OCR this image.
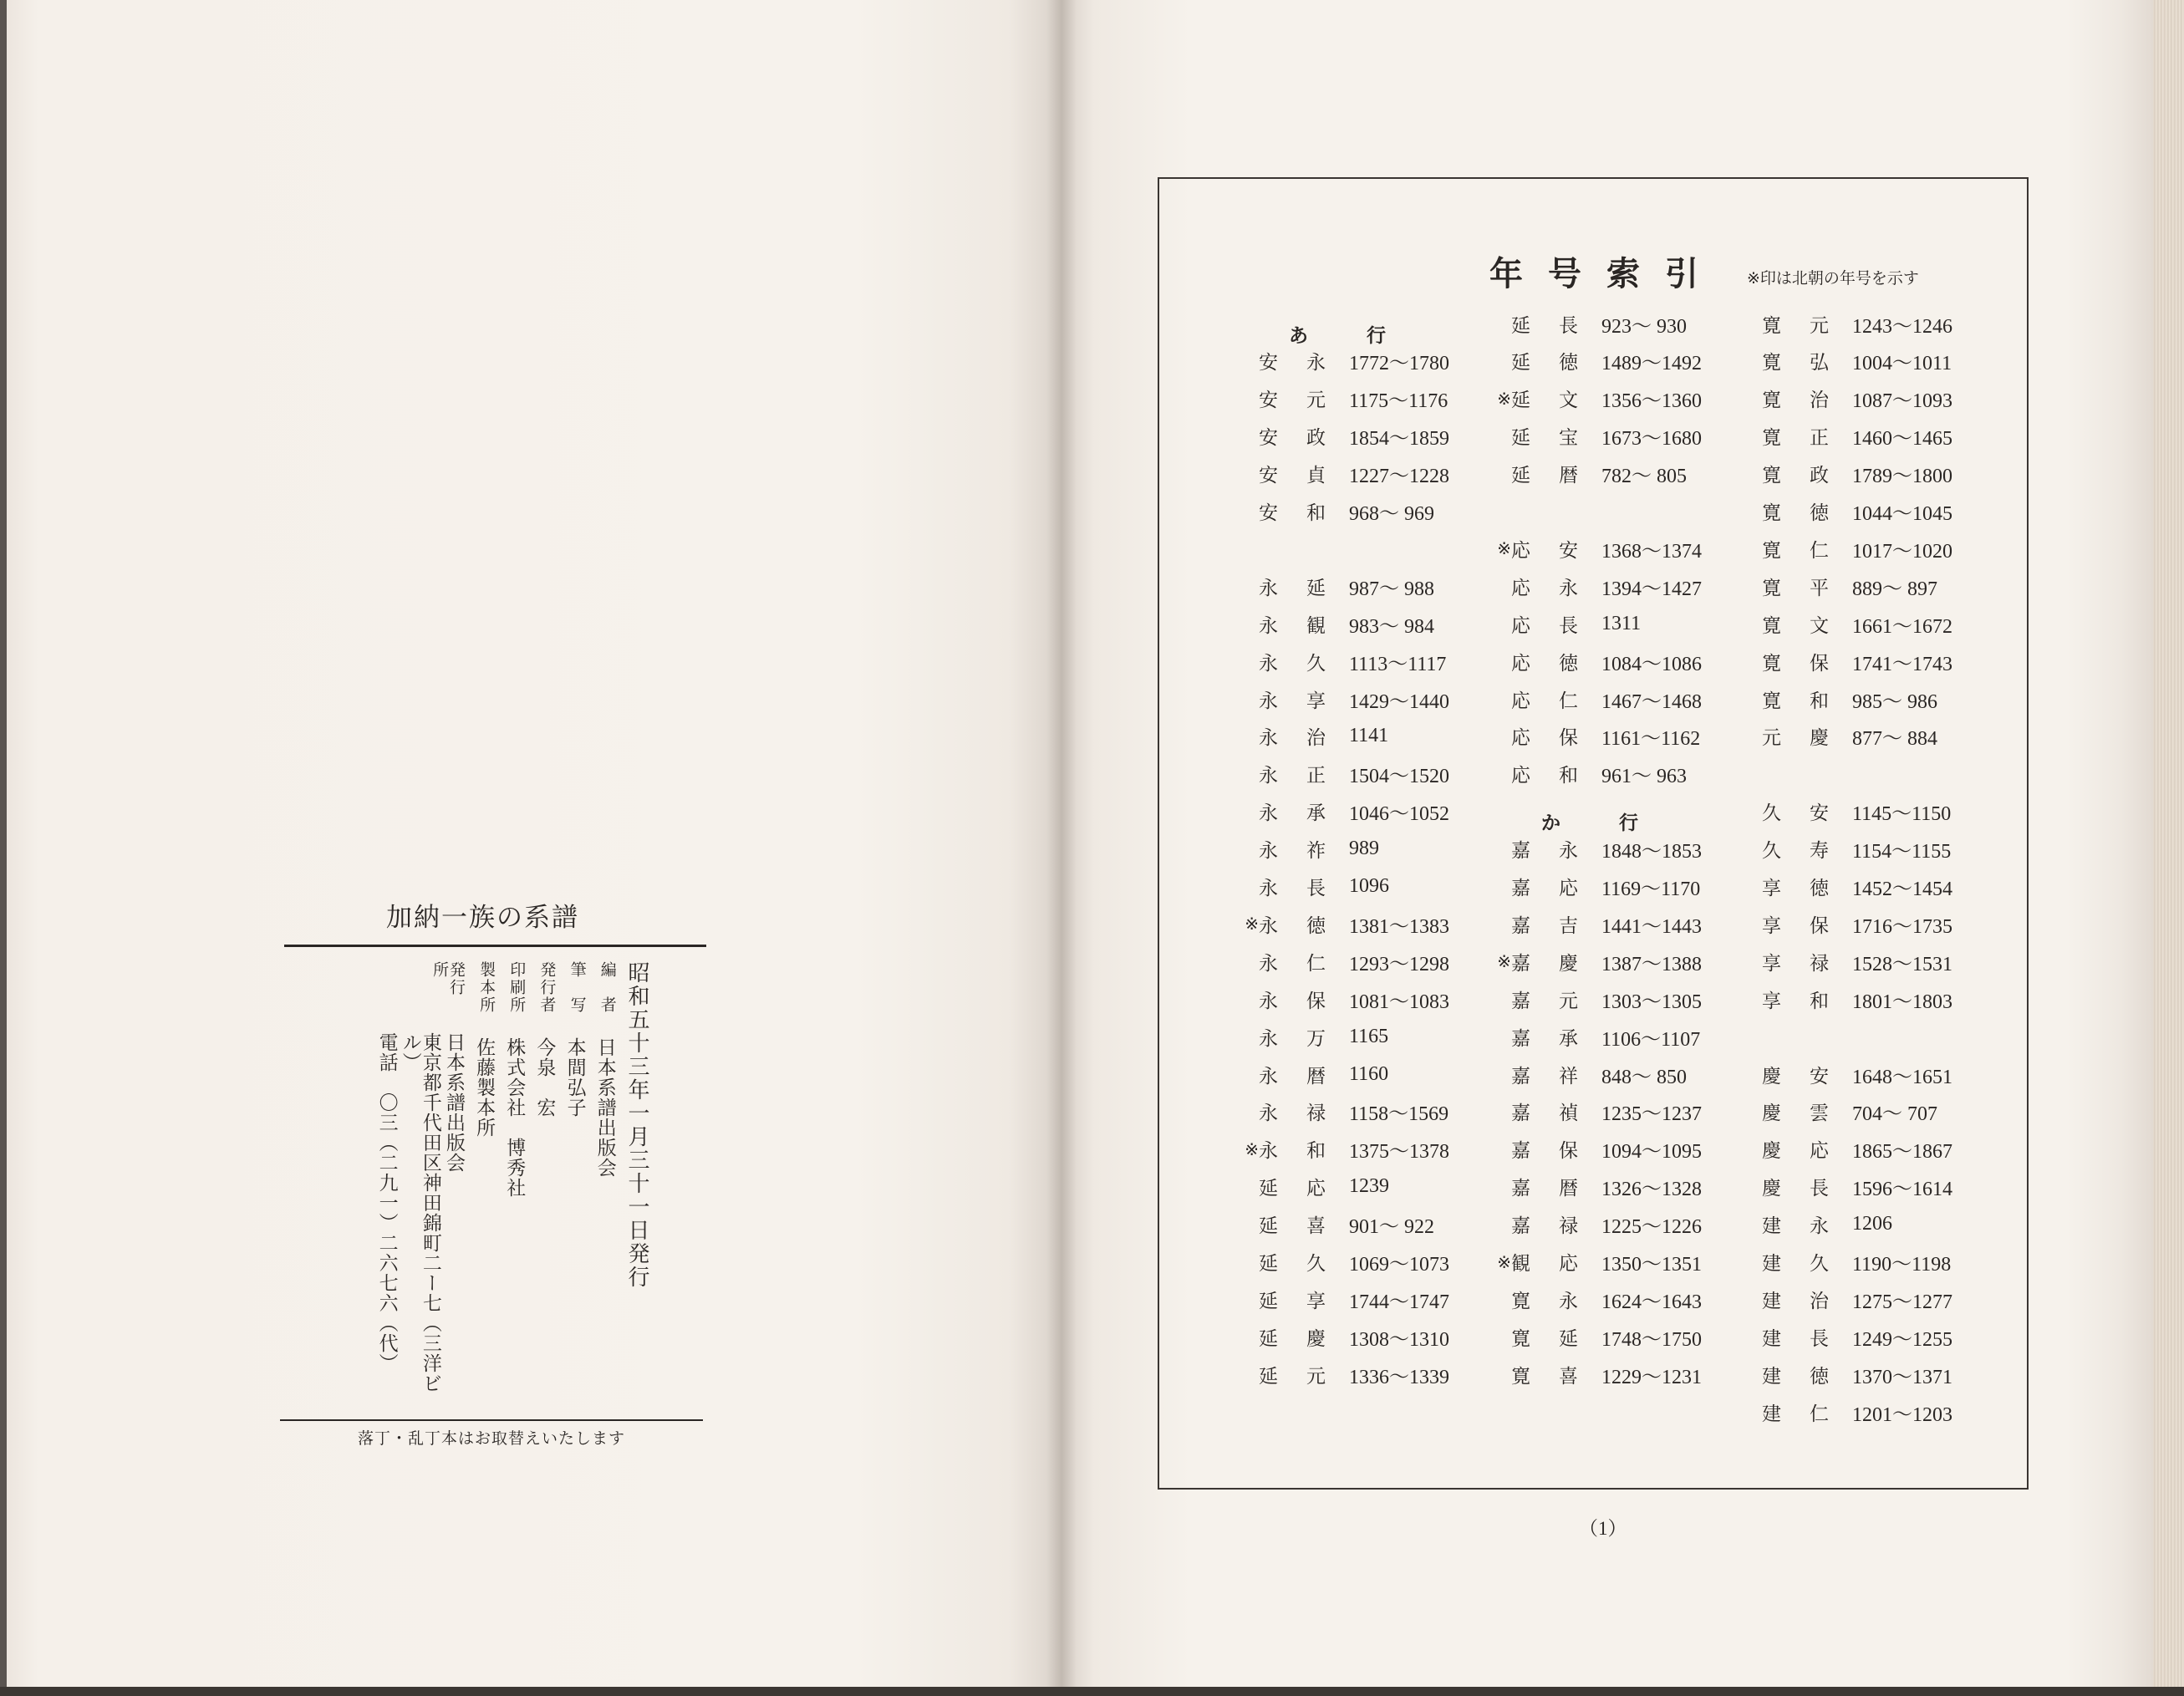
加納一族の系譜
昭和五十三年一月三十一日発行
編　者
日本系譜出版会
筆　写
本間弘子
発行者
今泉　宏
印刷所
株式会社　博秀社
製本所
佐藤製本所
発行所
日本系譜出版会
東京都千代田区神田錦町二ー七（三洋ビル）
電話　〇三（二九一）二六七六（代）
落丁・乱丁本はお取替えいたします
年号索引 ※印は北朝の年号を示す
あ	行
安 永 1772～1780
安 元 1175～1176
安 政 1854～1859
安 貞 1227～1228
安 和 968～ 969
永 延 987～ 988
永 観 983～ 984
永 久 1113～1117
永 享 1429～1440
永 治 1141
永 正 1504～1520
永 承 1046～1052
永 祚 989
永 長 1096
※ 永 徳 1381～1383
永 仁 1293～1298
永 保 1081～1083
永 万 1165
永 暦 1160
永 禄 1158～1569
※ 永 和 1375～1378
延 応 1239
延 喜 901～ 922
延 久 1069～1073
延 享 1744～1747
延 慶 1308～1310
延 元 1336～1339
延 長 923～ 930
延 徳 1489～1492
※ 延 文 1356～1360
延 宝 1673～1680
延 暦 782～ 805
※ 応 安 1368～1374
応 永 1394～1427
応 長 1311
応 徳 1084～1086
応 仁 1467～1468
応 保 1161～1162
応 和 961～ 963
か	行
嘉 永 1848～1853
嘉 応 1169～1170
嘉 吉 1441～1443
※ 嘉 慶 1387～1388
嘉 元 1303～1305
嘉 承 1106～1107
嘉 祥 848～ 850
嘉 禎 1235～1237
嘉 保 1094～1095
嘉 暦 1326～1328
嘉 禄 1225～1226
※ 観 応 1350～1351
寛 永 1624～1643
寛 延 1748～1750
寛 喜 1229～1231
寛 元 1243～1246
寛 弘 1004～1011
寛 治 1087～1093
寛 正 1460～1465
寛 政 1789～1800
寛 徳 1044～1045
寛 仁 1017～1020
寛 平 889～ 897
寛 文 1661～1672
寛 保 1741～1743
寛 和 985～ 986
元 慶 877～ 884
久 安 1145～1150
久 寿 1154～1155
享 徳 1452～1454
享 保 1716～1735
享 禄 1528～1531
享 和 1801～1803
慶 安 1648～1651
慶 雲 704～ 707
慶 応 1865～1867
慶 長 1596～1614
建 永 1206
建 久 1190～1198
建 治 1275～1277
建 長 1249～1255
建 徳 1370～1371
建 仁 1201～1203
（1）
